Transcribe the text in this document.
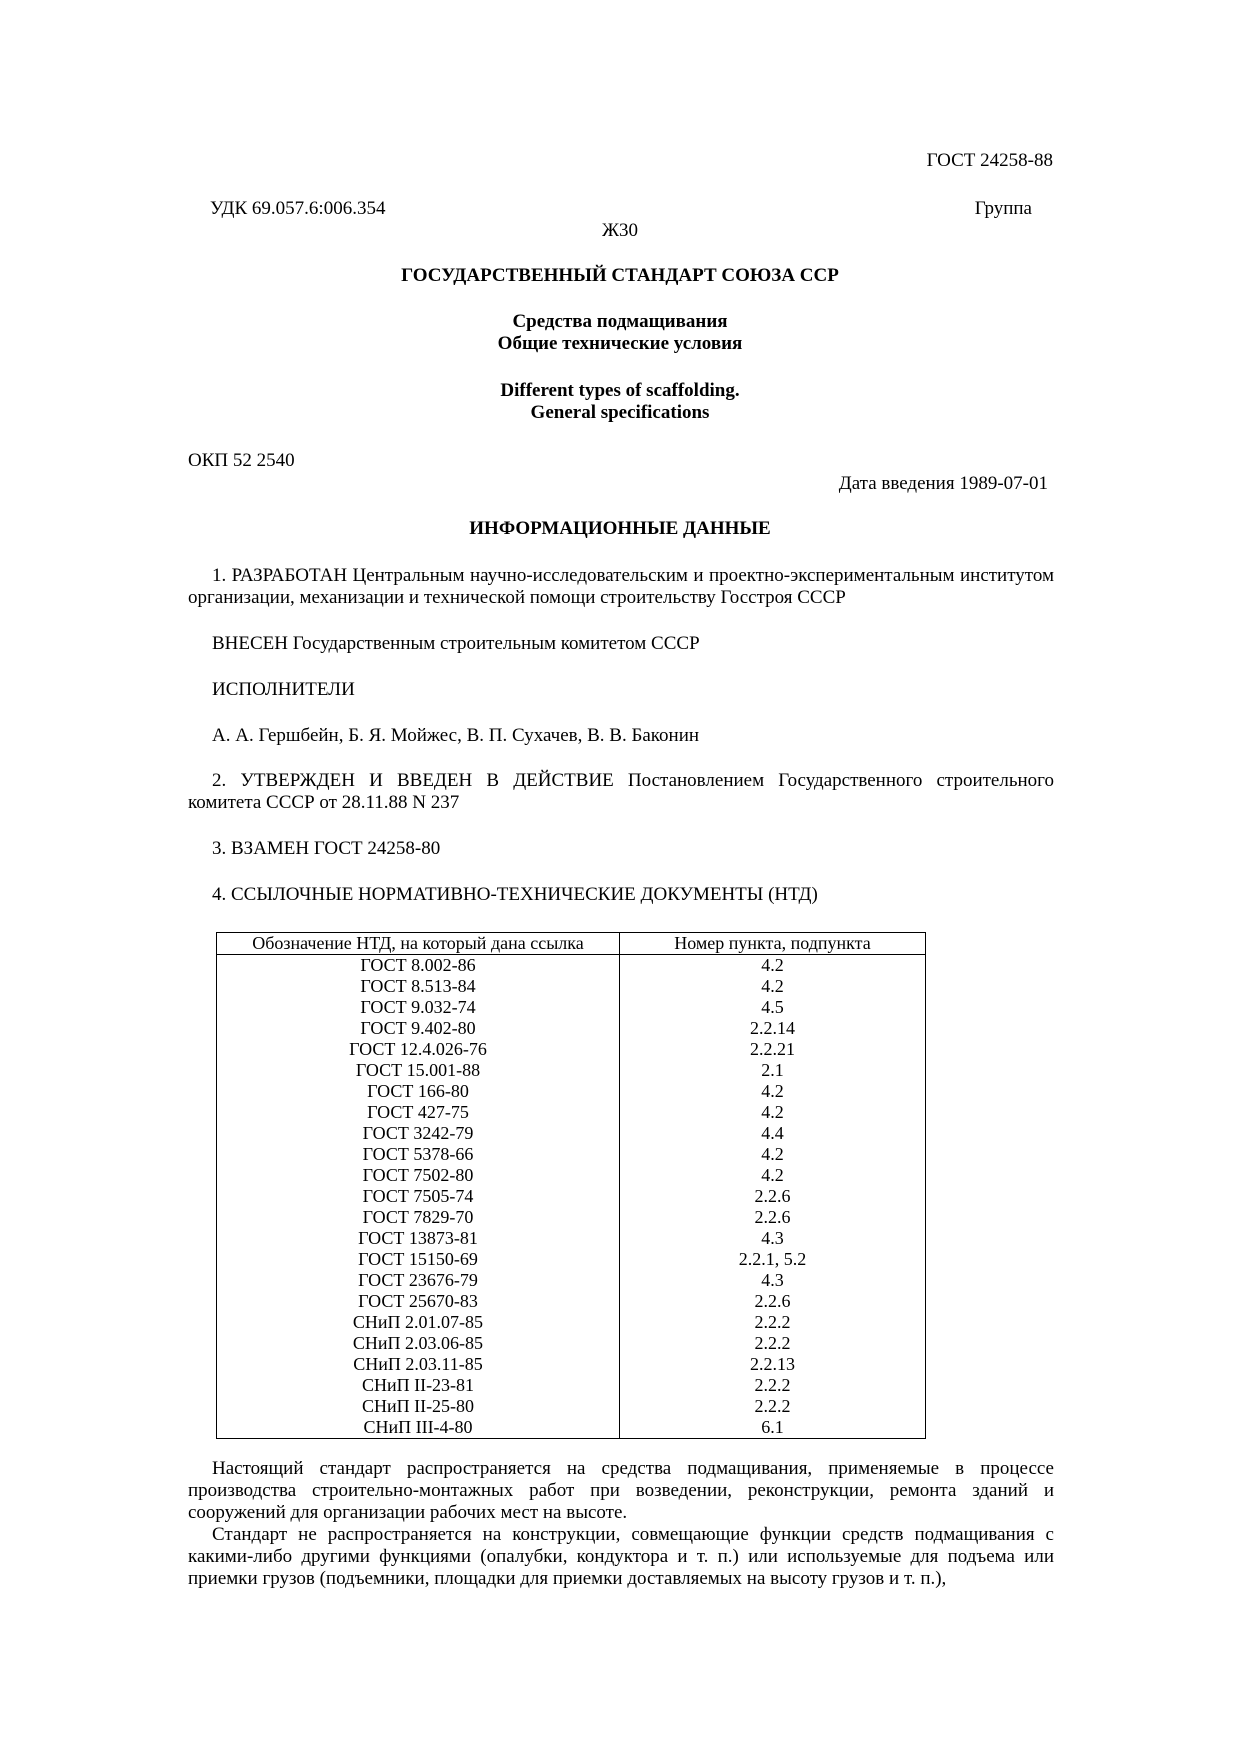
ГОСТ 24258-88
УДК 69.057.6:006.354	Группа
Ж30
ГОСУДАРСТВЕННЫЙ СТАНДАРТ СОЮЗА ССР
Средства подмащивания
Общие технические условия
Different types of scaffolding.
General specifications
ОКП 52 2540
Дата введения 1989-07-01
ИНФОРМАЦИОННЫЕ ДАННЫЕ
1. РАЗРАБОТАН Центральным научно-исследовательским и проектно-экспериментальным институтом организации, механизации и технической помощи строительству Госстроя СССР
ВНЕСЕН Государственным строительным комитетом СССР
ИСПОЛНИТЕЛИ
А. А. Гершбейн, Б. Я. Мойжес, В. П. Сухачев, В. В. Баконин
2. УТВЕРЖДЕН И ВВЕДЕН В ДЕЙСТВИЕ Постановлением Государственного строительного комитета СССР от 28.11.88 N 237
3. ВЗАМЕН ГОСТ 24258-80
4. ССЫЛОЧНЫЕ НОРМАТИВНО-ТЕХНИЧЕСКИЕ ДОКУМЕНТЫ (НТД)
Обозначение НТД, на который дана ссылка	Номер пункта, подпункта
ГОСТ 8.002-86	4.2
ГОСТ 8.513-84	4.2
ГОСТ 9.032-74	4.5
ГОСТ 9.402-80	2.2.14
ГОСТ 12.4.026-76	2.2.21
ГОСТ 15.001-88	2.1
ГОСТ 166-80	4.2
ГОСТ 427-75	4.2
ГОСТ 3242-79	4.4
ГОСТ 5378-66	4.2
ГОСТ 7502-80	4.2
ГОСТ 7505-74	2.2.6
ГОСТ 7829-70	2.2.6
ГОСТ 13873-81	4.3
ГОСТ 15150-69	2.2.1, 5.2
ГОСТ 23676-79	4.3
ГОСТ 25670-83	2.2.6
СНиП 2.01.07-85	2.2.2
СНиП 2.03.06-85	2.2.2
СНиП 2.03.11-85	2.2.13
СНиП II-23-81	2.2.2
СНиП II-25-80	2.2.2
СНиП III-4-80	6.1
Настоящий стандарт распространяется на средства подмащивания, применяемые в процессе производства строительно-монтажных работ при возведении, реконструкции, ремонта зданий и сооружений для организации рабочих мест на высоте.
Стандарт не распространяется на конструкции, совмещающие функции средств подмащивания с какими-либо другими функциями (опалубки, кондуктора и т. п.) или используемые для подъема или приемки грузов (подъемники, площадки для приемки доставляемых на высоту грузов и т. п.),
